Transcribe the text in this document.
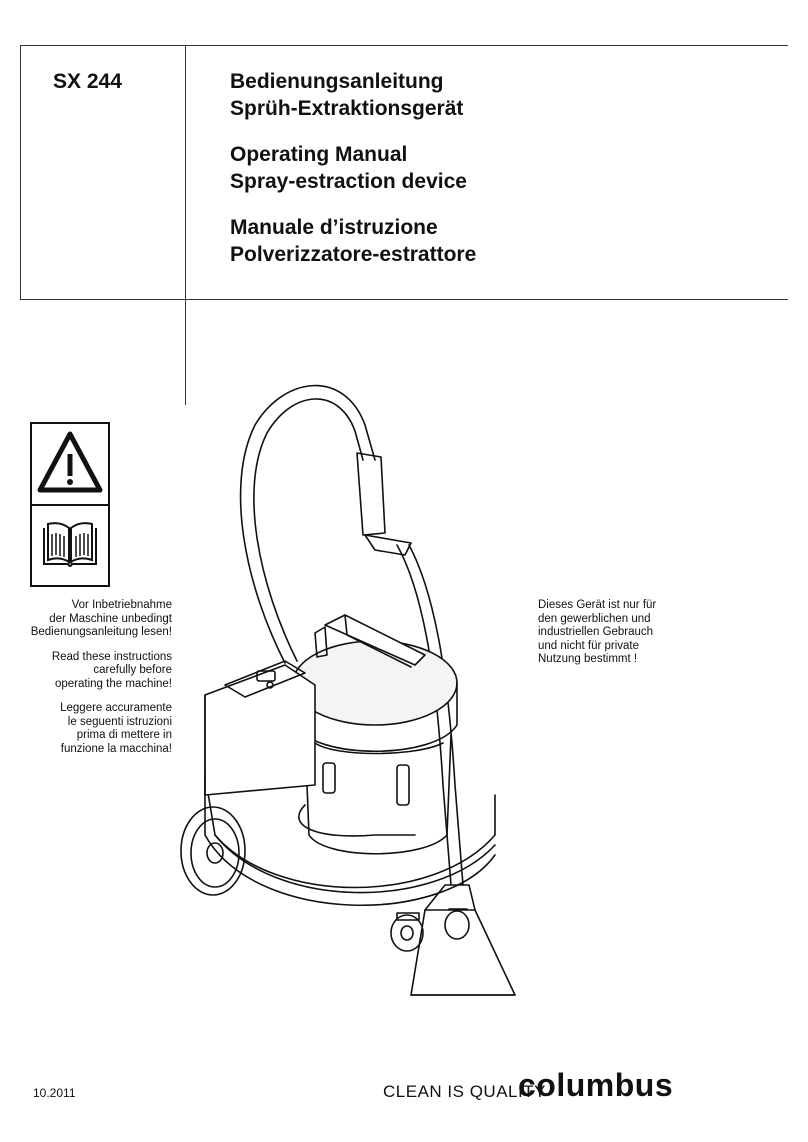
SX 244	Bedienungsanleitung
Sprüh-Extraktionsgerät
Operating Manual
Spray-estraction device
Manuale d’istruzione
Polverizzatore-estrattore

Vor Inbetriebnahme
der Maschine unbedingt
Bedienungsanleitung lesen!

Read these instructions
carefully before
operating the machine!

Leggere accuramente
le seguenti istruzioni
prima di mettere in
funzione la macchina!

Dieses Gerät ist nur für
den gewerblichen und
industriellen Gebrauch
und nicht für private
Nutzung bestimmt !
10.2011	CLEAN IS QUALITY
columbus
